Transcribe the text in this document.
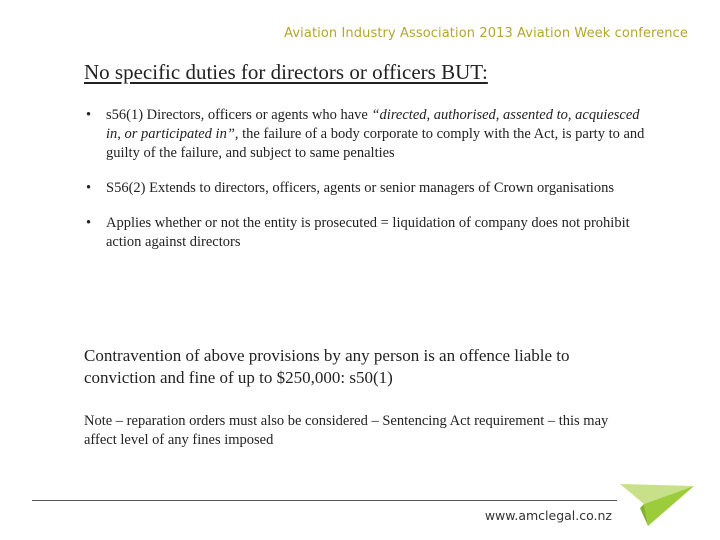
Aviation Industry Association 2013 Aviation Week conference
No specific duties for directors or officers BUT:
• s56(1) Directors, officers or agents who have “directed, authorised, assented to, acquiesced in, or participated in”, the failure of a body corporate to comply with the Act, is party to and guilty of the failure, and subject to same penalties
• S56(2) Extends to directors, officers, agents or senior managers of Crown organisations
• Applies whether or not the entity is prosecuted = liquidation of company does not prohibit action against directors
Contravention of above provisions by any person is an offence liable to conviction and fine of up to $250,000: s50(1)
Note – reparation orders must also be considered – Sentencing Act requirement – this may affect level of any fines imposed
www.amclegal.co.nz
